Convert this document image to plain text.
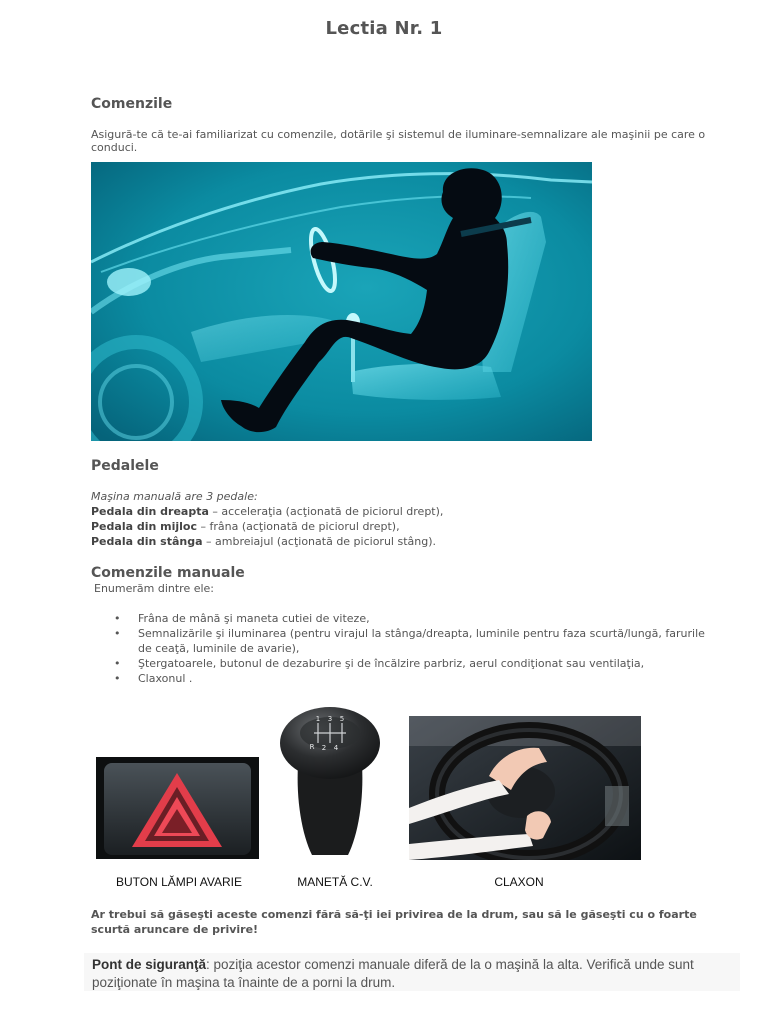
Lectia Nr. 1
Comenzile
Asigură-te că te-ai familiarizat cu comenzile, dotările şi sistemul de iluminare-semnalizare ale maşinii pe care o conduci.
Pedalele
Maşina manuală are 3 pedale:
Pedala din dreapta – acceleraţia (acţionată de piciorul drept),
Pedala din mijloc – frâna (acţionată de piciorul drept),
Pedala din stânga – ambreiajul (acţionată de piciorul stâng).
Comenzile manuale
Enumerăm dintre ele:
• Frâna de mână şi maneta cutiei de viteze,
• Semnalizările şi iluminarea (pentru virajul la stânga/dreapta, luminile pentru faza scurtă/lungă, farurile de ceaţă, luminile de avarie),
• Ştergatoarele, butonul de dezaburire şi de încălzire parbriz, aerul condiţionat sau ventilaţia,
• Claxonul .
BUTON LĂMPI AVARIE
1 3 5
R 2 4
MANETĂ C.V.	CLAXON
Ar trebui să găseşti aceste comenzi fără să-ţi iei privirea de la drum, sau să le găseşti cu o foarte scurtă aruncare de privire!
Pont de siguranţă: poziţia acestor comenzi manuale diferă de la o maşină la alta. Verifică unde sunt poziţionate în maşina ta înainte de a porni la drum.
